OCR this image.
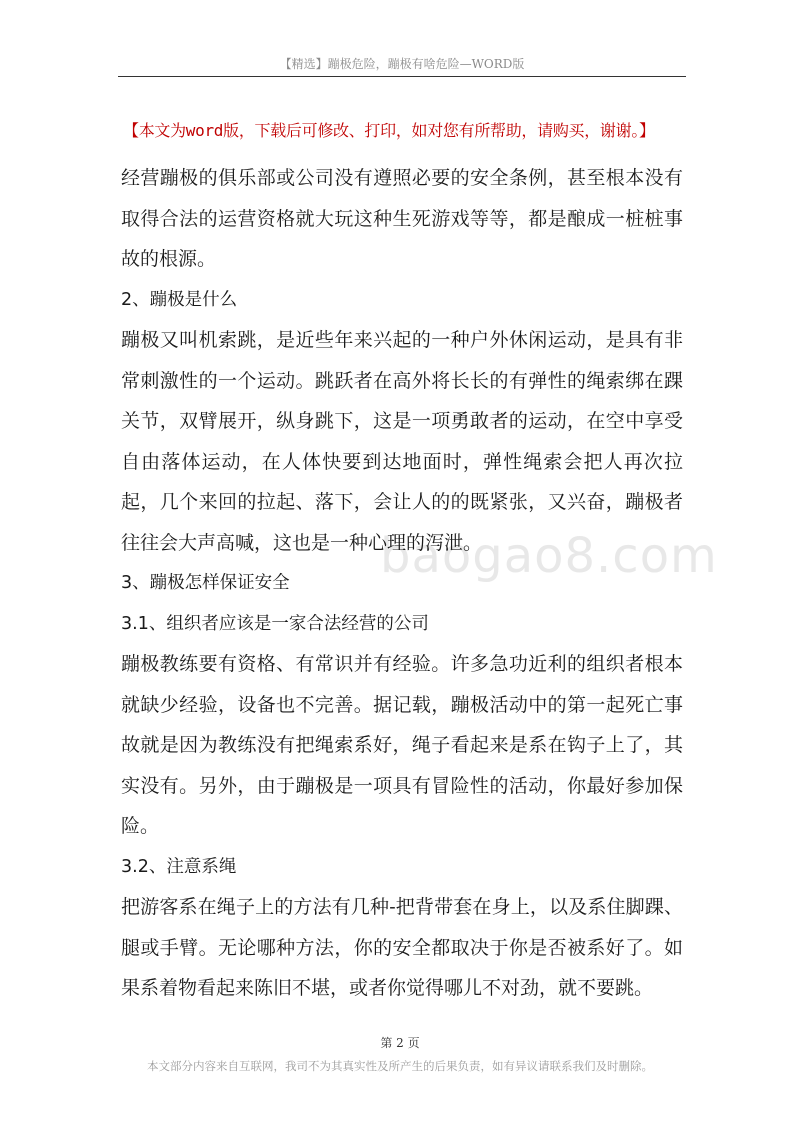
【精选】蹦极危险，蹦极有啥危险—WORD版
【本文为word版，下载后可修改、打印，如对您有所帮助，请购买，谢谢。】
baogao8.com

经营蹦极的俱乐部或公司没有遵照必要的安全条例，甚至根本没有取得合法的运营资格就大玩这种生死游戏等等，都是酿成一桩桩事故的根源。

2、蹦极是什么

蹦极又叫机索跳，是近些年来兴起的一种户外休闲运动，是具有非常刺激性的一个运动。跳跃者在高外将长长的有弹性的绳索绑在踝关节，双臂展开，纵身跳下，这是一项勇敢者的运动，在空中享受自由落体运动，在人体快要到达地面时，弹性绳索会把人再次拉起，几个来回的拉起、落下，会让人的的既紧张，又兴奋，蹦极者往往会大声高喊，这也是一种心理的泻泄。

3、蹦极怎样保证安全

3.1、组织者应该是一家合法经营的公司

蹦极教练要有资格、有常识并有经验。许多急功近利的组织者根本就缺少经验，设备也不完善。据记载，蹦极活动中的第一起死亡事故就是因为教练没有把绳索系好，绳子看起来是系在钩子上了，其实没有。另外，由于蹦极是一项具有冒险性的活动，你最好参加保险。

3.2、注意系绳

把游客系在绳子上的方法有几种-把背带套在身上，以及系住脚踝、腿或手臂。无论哪种方法，你的安全都取决于你是否被系好了。如果系着物看起来陈旧不堪，或者你觉得哪儿不对劲，就不要跳。

第 2 页
本文部分内容来自互联网，我司不为其真实性及所产生的后果负责，如有异议请联系我们及时删除。
